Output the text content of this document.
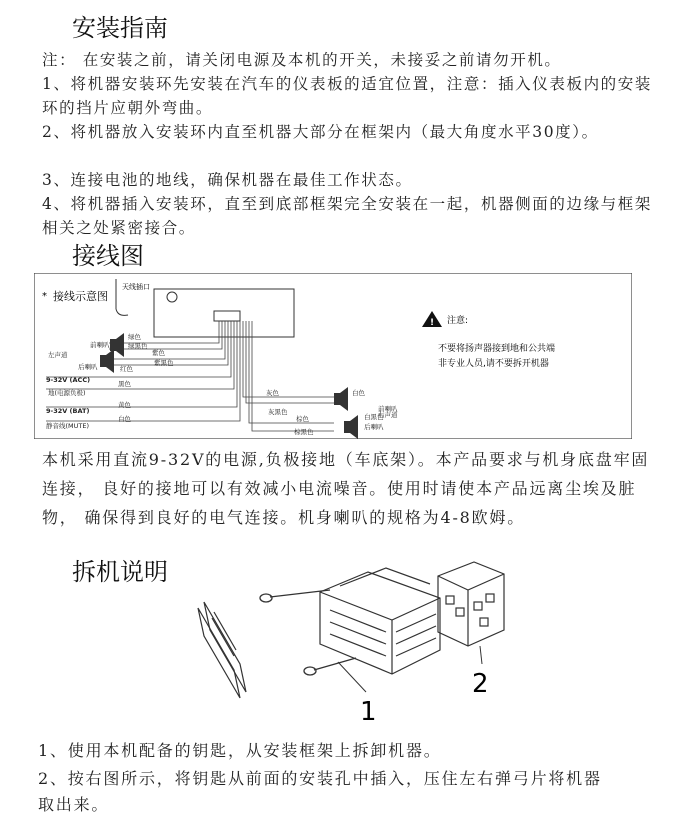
安装指南

注： 在安装之前，请关闭电源及本机的开关，未接妥之前请勿开机。

1、将机器安装环先安装在汽车的仪表板的适宜位置，注意：插入仪表板内的安装环的挡片应朝外弯曲。

2、将机器放入安装环内直至机器大部分在框架内（最大角度水平30度）。

3、连接电池的地线，确保机器在最佳工作状态。

4、将机器插入安装环，直至到底部框架完全安装在一起，机器侧面的边缘与框架相关之处紧密接合。

接线图
* 接线示意图
天线插口
前喇叭
左声道
后喇叭
绿色
绿黑色
紫色
紫黑色
红色
9-32V (ACC)	黑色
地(电源负极)
黄色
9-32V (BAT)
白色
静音线(MUTE)
灰色
灰黑色
棕色
棕黑色
白色
白黑色
前喇叭
右声道
后喇叭
! 注意:
不要将扬声器接到地和公共端
非专业人员,请不要拆开机器

本机采用直流9-32V的电源,负极接地（车底架）。本产品要求与机身底盘牢固连接， 良好的接地可以有效减小电流噪音。使用时请使本产品远离尘埃及脏物， 确保得到良好的电气连接。机身喇叭的规格为4-8欧姆。

拆机说明
1
2

1、使用本机配备的钥匙，从安装框架上拆卸机器。

2、按右图所示，将钥匙从前面的安装孔中插入，压住左右弹弓片将机器取出来。
